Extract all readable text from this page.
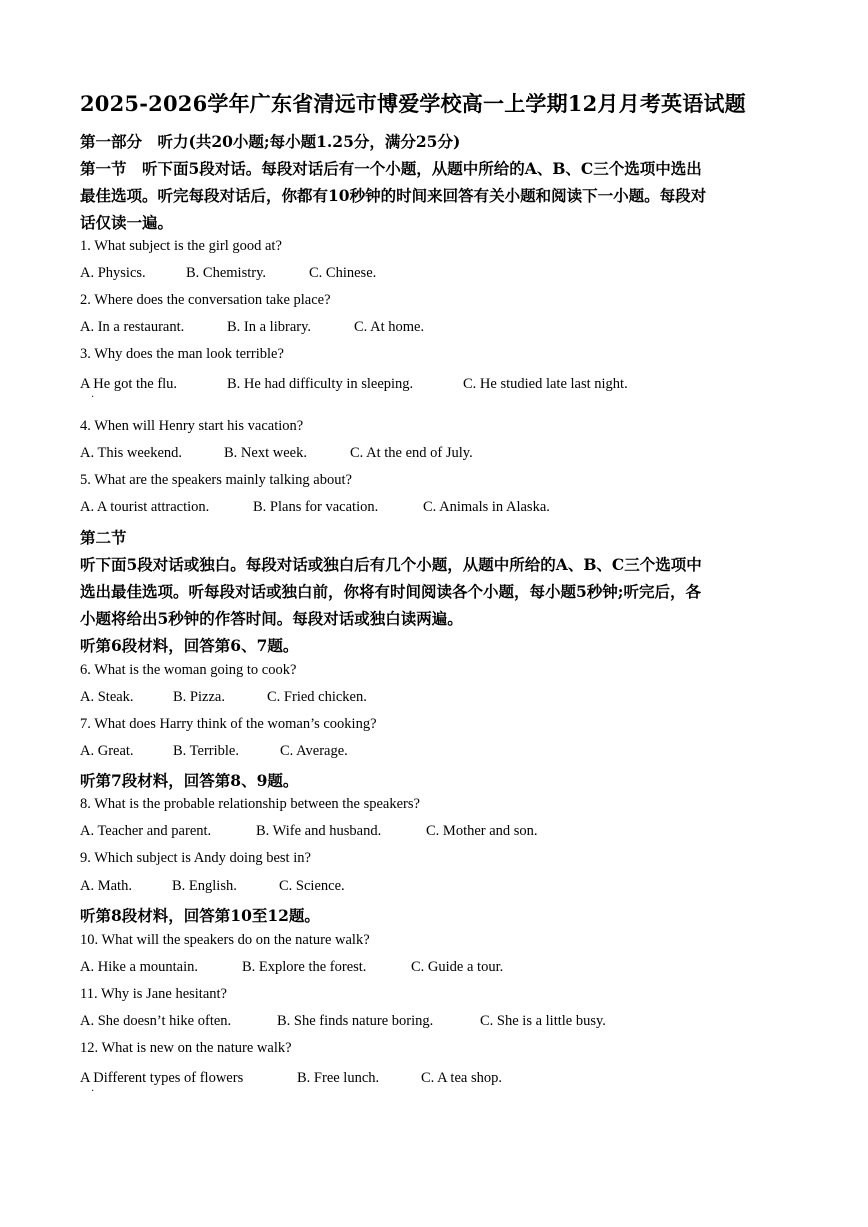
2025-2026学年广东省清远市博爱学校高一上学期12月月考英语试题
第一部分　听力(共20小题;每小题1.25分，满分25分)
第一节　听下面5段对话。每段对话后有一个小题，从题中所给的A、B、C三个选项中选出
最佳选项。听完每段对话后，你都有10秒钟的时间来回答有关小题和阅读下一小题。每段对
话仅读一遍。
1. What subject is the girl good at?
A. Physics.	B. Chemistry.	C. Chinese.
2. Where does the conversation take place?
A. In a restaurant.	B. In a library.	C. At home.
3. Why does the man look terrible?
A He got the flu.	B. He had difficulty in sleeping.	C. He studied late last night.
·
4. When will Henry start his vacation?
A. This weekend.	B. Next week.	C. At the end of July.
5. What are the speakers mainly talking about?
A. A tourist attraction.	B. Plans for vacation.	C. Animals in Alaska.
第二节
听下面5段对话或独白。每段对话或独白后有几个小题，从题中所给的A、B、C三个选项中
选出最佳选项。听每段对话或独白前，你将有时间阅读各个小题，每小题5秒钟;听完后，各
小题将给出5秒钟的作答时间。每段对话或独白读两遍。
听第6段材料，回答第6、7题。
6. What is the woman going to cook?
A. Steak.	B. Pizza.	C. Fried chicken.
7. What does Harry think of the woman’s cooking?
A. Great.	B. Terrible.	C. Average.
听第7段材料，回答第8、9题。
8. What is the probable relationship between the speakers?
A. Teacher and parent.	B. Wife and husband.	C. Mother and son.
9. Which subject is Andy doing best in?
A. Math.	B. English.	C. Science.
听第8段材料，回答第10至12题。
10. What will the speakers do on the nature walk?
A. Hike a mountain.	B. Explore the forest.	C. Guide a tour.
11. Why is Jane hesitant?
A. She doesn’t hike often.	B. She finds nature boring.	C. She is a little busy.
12. What is new on the nature walk?
A Different types of flowers	B. Free lunch.	C. A tea shop.
·
